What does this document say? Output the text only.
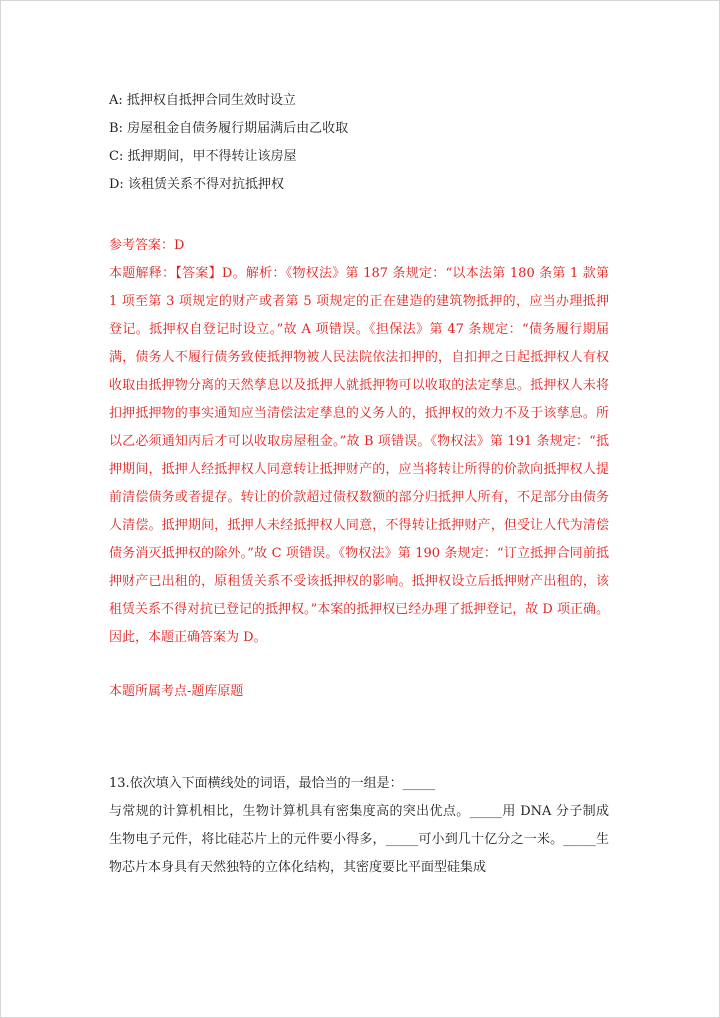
A: 抵押权自抵押合同生效时设立
B: 房屋租金自债务履行期届满后由乙收取
C: 抵押期间，甲不得转让该房屋
D: 该租赁关系不得对抗抵押权
参考答案：D
本题解释：【答案】D。解析：《物权法》第 187 条规定：“以本法第 180 条第 1 款第 1 项至第 3 项规定的财产或者第 5 项规定的正在建造的建筑物抵押的，应当办理抵押登记。抵押权自登记时设立。”故 A 项错误。《担保法》第 47 条规定：“债务履行期届满，债务人不履行债务致使抵押物被人民法院依法扣押的，自扣押之日起抵押权人有权收取由抵押物分离的天然孳息以及抵押人就抵押物可以收取的法定孳息。抵押权人未将扣押抵押物的事实通知应当清偿法定孳息的义务人的，抵押权的效力不及于该孳息。所以乙必须通知丙后才可以收取房屋租金。”故 B 项错误。《物权法》第 191 条规定：“抵押期间，抵押人经抵押权人同意转让抵押财产的，应当将转让所得的价款向抵押权人提前清偿债务或者提存。转让的价款超过债权数额的部分归抵押人所有，不足部分由债务人清偿。抵押期间，抵押人未经抵押权人同意，不得转让抵押财产，但受让人代为清偿债务消灭抵押权的除外。”故 C 项错误。《物权法》第 190 条规定：“订立抵押合同前抵押财产已出租的，原租赁关系不受该抵押权的影响。抵押权设立后抵押财产出租的，该租赁关系不得对抗已登记的抵押权。”本案的抵押权已经办理了抵押登记，故 D 项正确。因此，本题正确答案为 D。
本题所属考点-题库原题
13.依次填入下面横线处的词语，最恰当的一组是：_____
与常规的计算机相比，生物计算机具有密集度高的突出优点。_____用 DNA 分子制成生物电子元件，将比硅芯片上的元件要小得多，_____可小到几十亿分之一米。_____生物芯片本身具有天然独特的立体化结构，其密度要比平面型硅集成
